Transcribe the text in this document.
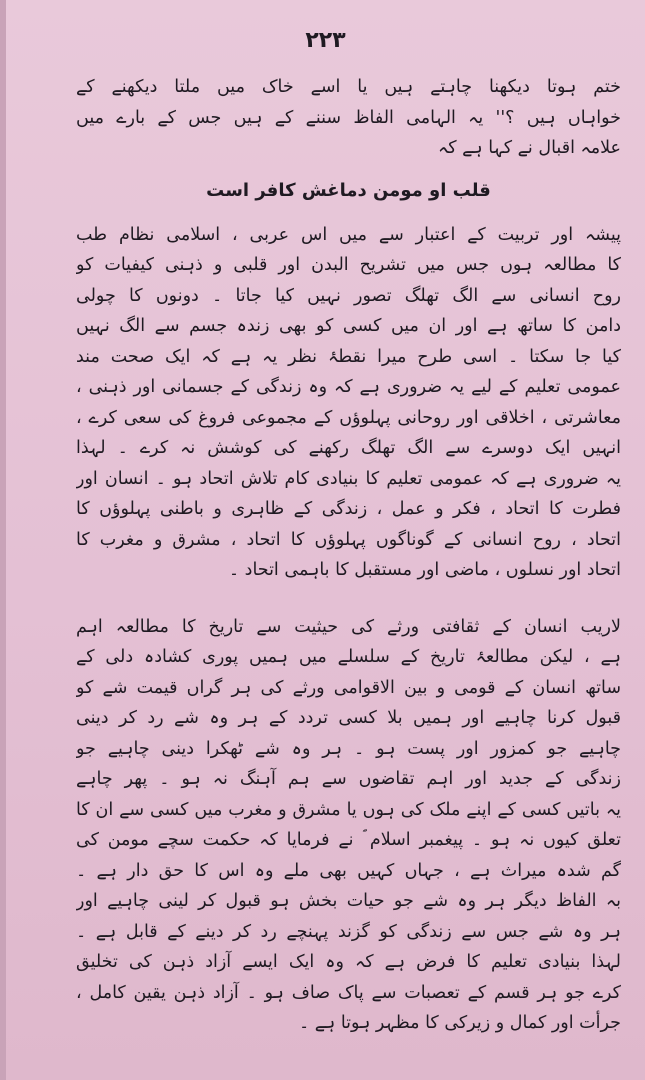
۲۲۳
ختم ہوتا دیکھنا چاہتے ہیں یا اسے خاک میں ملتا دیکھنے کے
خواہاں ہیں ؟'' یہ الہامی الفاظ سننے کے ہیں جس کے بارے میں
علامہ اقبال نے کہا ہے کہ
قلب او مومن دماغش کافر است
پیشہ اور تربیت کے اعتبار سے میں اس عربی ، اسلامی نظام طب
کا مطالعہ ہوں جس میں تشریح البدن اور قلبی و ذہنی کیفیات کو
روح انسانی سے الگ تھلگ تصور نہیں کیا جاتا ۔ دونوں کا چولی
دامن کا ساتھ ہے اور ان میں کسی کو بھی زندہ جسم سے الگ نہیں
کیا جا سکتا ۔ اسی طرح میرا نقطۂ نظر یہ ہے کہ ایک صحت مند
عمومی تعلیم کے لیے یہ ضروری ہے کہ وہ زندگی کے جسمانی اور ذہنی ،
معاشرتی ، اخلاقی اور روحانی پہلوؤں کے مجموعی فروغ کی سعی کرے ،
انہیں ایک دوسرے سے الگ تھلگ رکھنے کی کوشش نہ کرے ۔ لہذا
یہ ضروری ہے کہ عمومی تعلیم کا بنیادی کام تلاش اتحاد ہو ۔ انسان اور
فطرت کا اتحاد ، فکر و عمل ، زندگی کے ظاہری و باطنی پہلوؤں کا
اتحاد ، روح انسانی کے گوناگوں پہلوؤں کا اتحاد ، مشرق و مغرب کا
اتحاد اور نسلوں ، ماضی اور مستقبل کا باہمی اتحاد ۔
لاریب انسان کے ثقافتی ورثے کی حیثیت سے تاریخ کا مطالعہ اہم
ہے ، لیکن مطالعۂ تاریخ کے سلسلے میں ہمیں پوری کشادہ دلی کے
ساتھ انسان کے قومی و بین الاقوامی ورثے کی ہر گراں قیمت شے کو
قبول کرنا چاہیے اور ہمیں بلا کسی تردد کے ہر وہ شے رد کر دینی
چاہیے جو کمزور اور پست ہو ۔ ہر وہ شے ٹھکرا دینی چاہیے جو
زندگی کے جدید اور اہم تقاضوں سے ہم آہنگ نہ ہو ۔ پھر چاہے
یہ باتیں کسی کے اپنے ملک کی ہوں یا مشرق و مغرب میں کسی سے ان کا
تعلق کیوں نہ ہو ۔ پیغمبر اسلام ؐ نے فرمایا کہ حکمت سچے مومن کی
گم شدہ میراث ہے ، جہاں کہیں بھی ملے وہ اس کا حق دار ہے ۔
بہ الفاظ دیگر ہر وہ شے جو حیات بخش ہو قبول کر لینی چاہیے اور
ہر وہ شے جس سے زندگی کو گزند پہنچے رد کر دینے کے قابل ہے ۔
لہذا بنیادی تعلیم کا فرض ہے کہ وہ ایک ایسے آزاد ذہن کی تخلیق
کرے جو ہر قسم کے تعصبات سے پاک صاف ہو ۔ آزاد ذہن یقین کامل ،
جرأت اور کمال و زیرکی کا مظہر ہوتا ہے ۔
